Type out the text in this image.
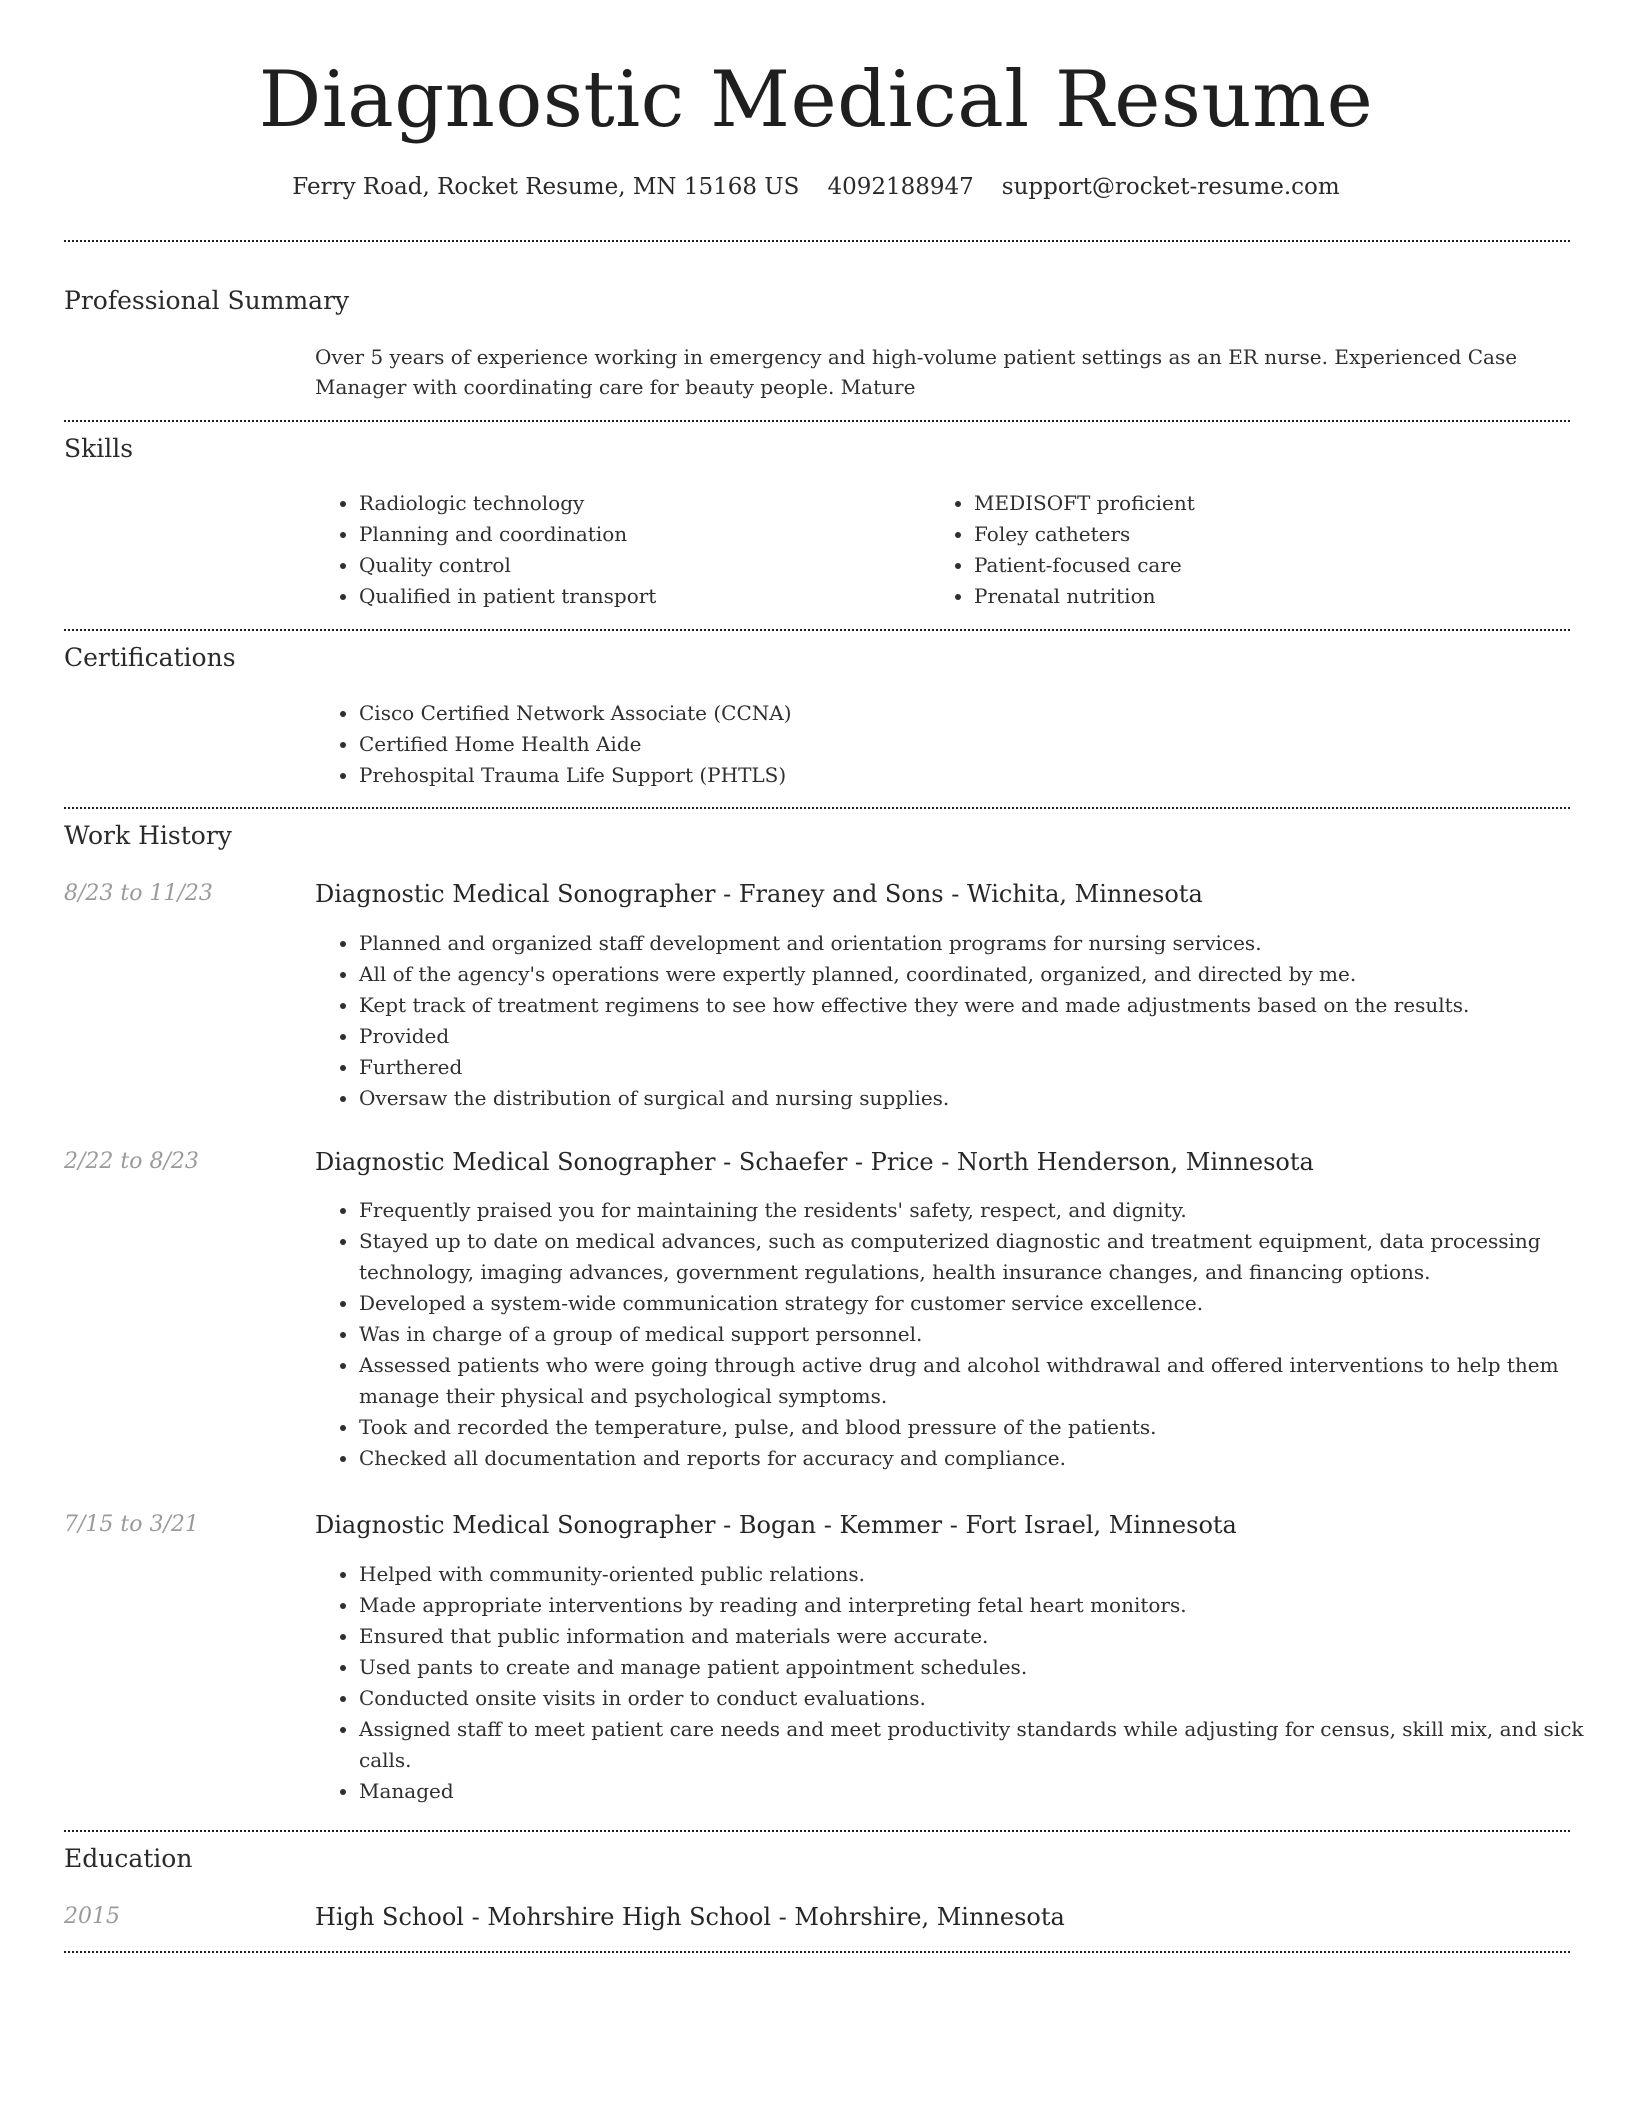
Diagnostic Medical Resume
Ferry Road, Rocket Resume, MN 15168 US 4092188947 support@rocket-resume.com
Professional Summary
Over 5 years of experience working in emergency and high-volume patient settings as an ER nurse. Experienced Case Manager with coordinating care for beauty people. Mature
Skills
• Radiologic technology
• Planning and coordination
• Quality control
• Qualified in patient transport
• MEDISOFT proficient
• Foley catheters
• Patient-focused care
• Prenatal nutrition
Certifications
• Cisco Certified Network Associate (CCNA)
• Certified Home Health Aide
• Prehospital Trauma Life Support (PHTLS)
Work History
8/23 to 11/23	Diagnostic Medical Sonographer - Franey and Sons - Wichita, Minnesota
• Planned and organized staff development and orientation programs for nursing services.
• All of the agency's operations were expertly planned, coordinated, organized, and directed by me.
• Kept track of treatment regimens to see how effective they were and made adjustments based on the results.
• Provided
• Furthered
• Oversaw the distribution of surgical and nursing supplies.
2/22 to 8/23	Diagnostic Medical Sonographer - Schaefer - Price - North Henderson, Minnesota
• Frequently praised you for maintaining the residents' safety, respect, and dignity.
• Stayed up to date on medical advances, such as computerized diagnostic and treatment equipment, data processing technology, imaging advances, government regulations, health insurance changes, and financing options.
• Developed a system-wide communication strategy for customer service excellence.
• Was in charge of a group of medical support personnel.
• Assessed patients who were going through active drug and alcohol withdrawal and offered interventions to help them manage their physical and psychological symptoms.
• Took and recorded the temperature, pulse, and blood pressure of the patients.
• Checked all documentation and reports for accuracy and compliance.
7/15 to 3/21	Diagnostic Medical Sonographer - Bogan - Kemmer - Fort Israel, Minnesota
• Helped with community-oriented public relations.
• Made appropriate interventions by reading and interpreting fetal heart monitors.
• Ensured that public information and materials were accurate.
• Used pants to create and manage patient appointment schedules.
• Conducted onsite visits in order to conduct evaluations.
• Assigned staff to meet patient care needs and meet productivity standards while adjusting for census, skill mix, and sick calls.
• Managed
Education
2015	High School - Mohrshire High School - Mohrshire, Minnesota
